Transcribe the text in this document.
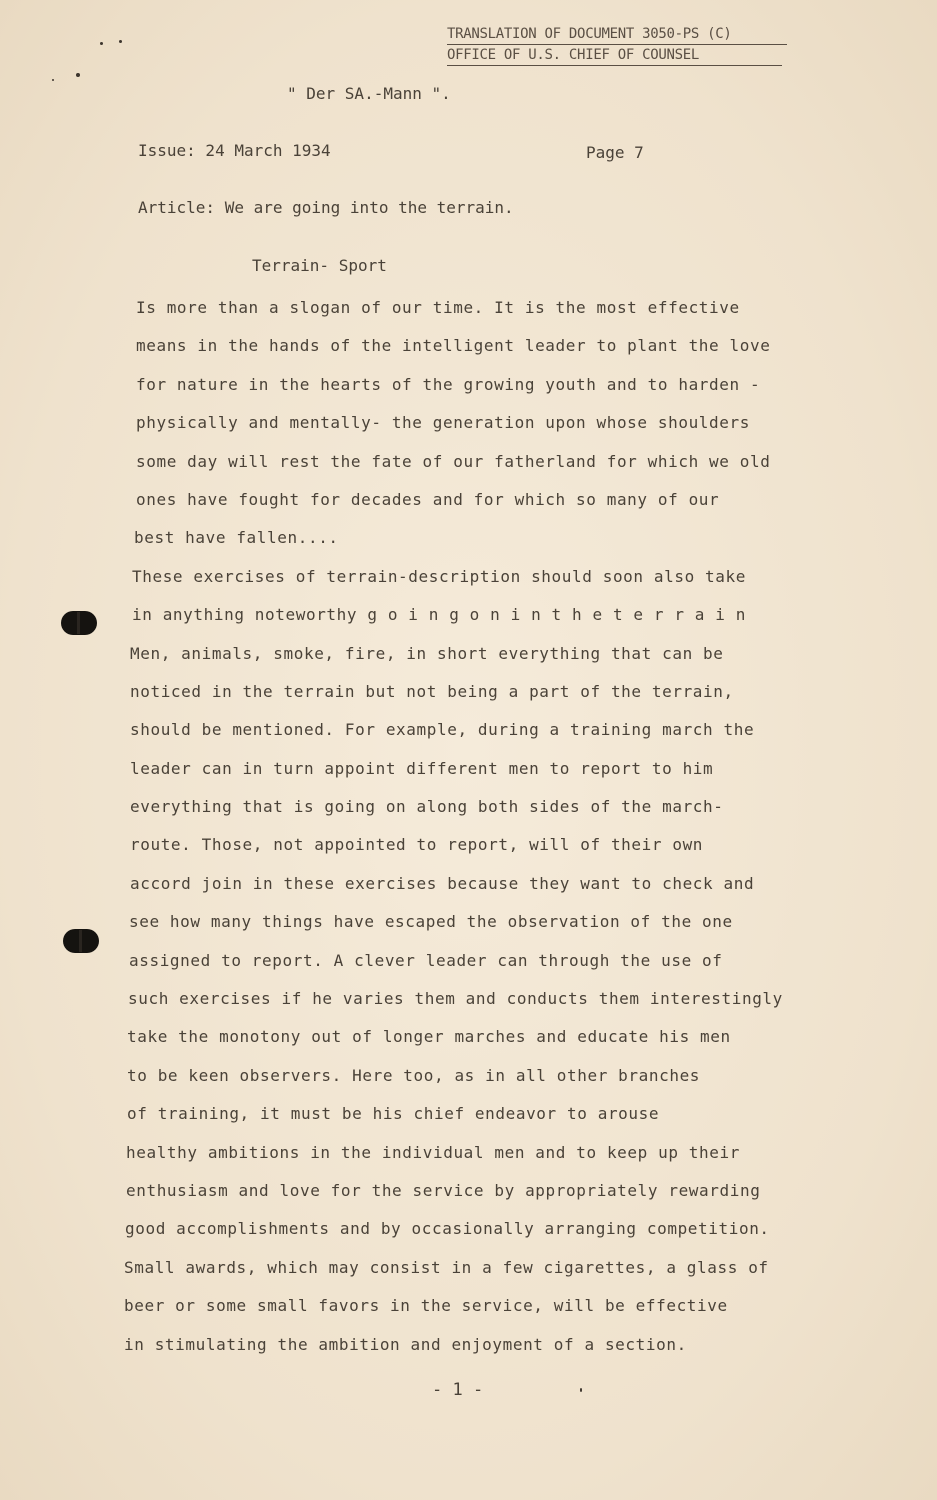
TRANSLATION OF DOCUMENT 3050-PS (C)
OFFICE OF U.S. CHIEF OF COUNSEL
" Der SA.-Mann ".
Issue: 24 March 1934	Page 7
Article: We are going into the terrain.
Terrain- Sport
Is more than a slogan of our time. It is the most effective
means in the hands of the intelligent leader to plant the love
for nature in the hearts of the growing youth and to harden -
physically and mentally- the generation upon whose shoulders
some day will rest the fate of our fatherland for which we old
ones have fought for decades and for which so many of our
best have fallen....
These exercises of terrain-description should soon also take
in anything noteworthy g o i n g o n i n t h e t e r r a i n
Men, animals, smoke, fire, in short everything that can be
noticed in the terrain but not being a part of the terrain,
should be mentioned. For example, during a training march the
leader can in turn appoint different men to report to him
everything that is going on along both sides of the march-
route. Those, not appointed to report, will of their own
accord join in these exercises because they want to check and
see how many things have escaped the observation of the one
assigned to report. A clever leader can through the use of
such exercises if he varies them and conducts them interestingly
take the monotony out of longer marches and educate his men
to be keen observers. Here too, as in all other branches
of training, it must be his chief endeavor to arouse
healthy ambitions in the individual men and to keep up their
enthusiasm and love for the service by appropriately rewarding
good accomplishments and by occasionally arranging competition.
Small awards, which may consist in a few cigarettes, a glass of
beer or some small favors in the service, will be effective
in stimulating the ambition and enjoyment of a section.
- 1 -
